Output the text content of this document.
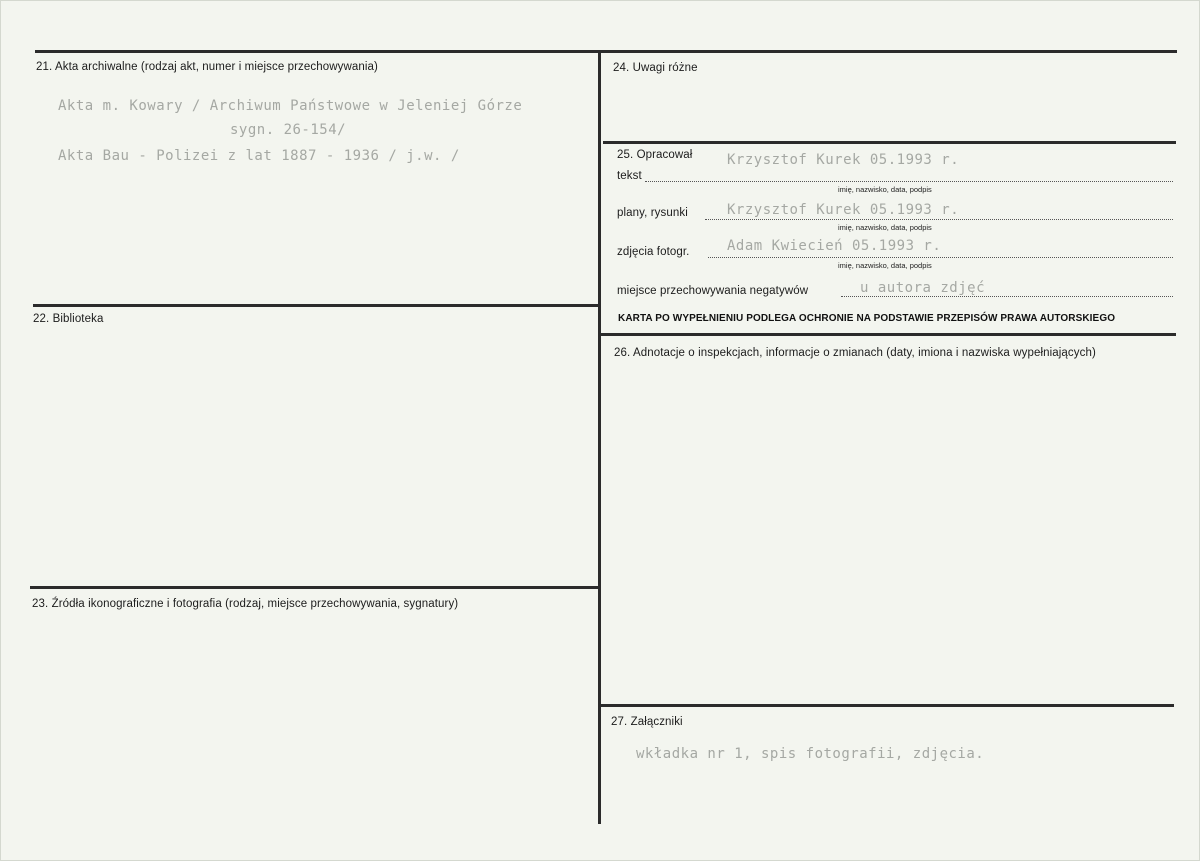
21. Akta archiwalne (rodzaj akt, numer i miejsce przechowywania)
Akta m. Kowary / Archiwum Państwowe w Jeleniej Górze
sygn. 26-154/
Akta Bau - Polizei z lat 1887 - 1936 / j.w. /
22. Biblioteka
23. Źródła ikonograficzne i fotografia (rodzaj, miejsce przechowywania, sygnatury)
24. Uwagi różne
25. Opracował Krzysztof Kurek 05.1993 r.
tekst
imię, nazwisko, data, podpis
plany, rysunki	Krzysztof Kurek 05.1993 r.
imię, nazwisko, data, podpis
zdjęcia fotogr.	Adam Kwiecień 05.1993 r.
imię, nazwisko, data, podpis
miejsce przechowywania negatywów	u autora zdjęć
KARTA PO WYPEŁNIENIU PODLEGA OCHRONIE NA PODSTAWIE PRZEPISÓW PRAWA AUTORSKIEGO
26. Adnotacje o inspekcjach, informacje o zmianach (daty, imiona i nazwiska wypełniających)
27. Załączniki
wkładka nr 1, spis fotografii, zdjęcia.
